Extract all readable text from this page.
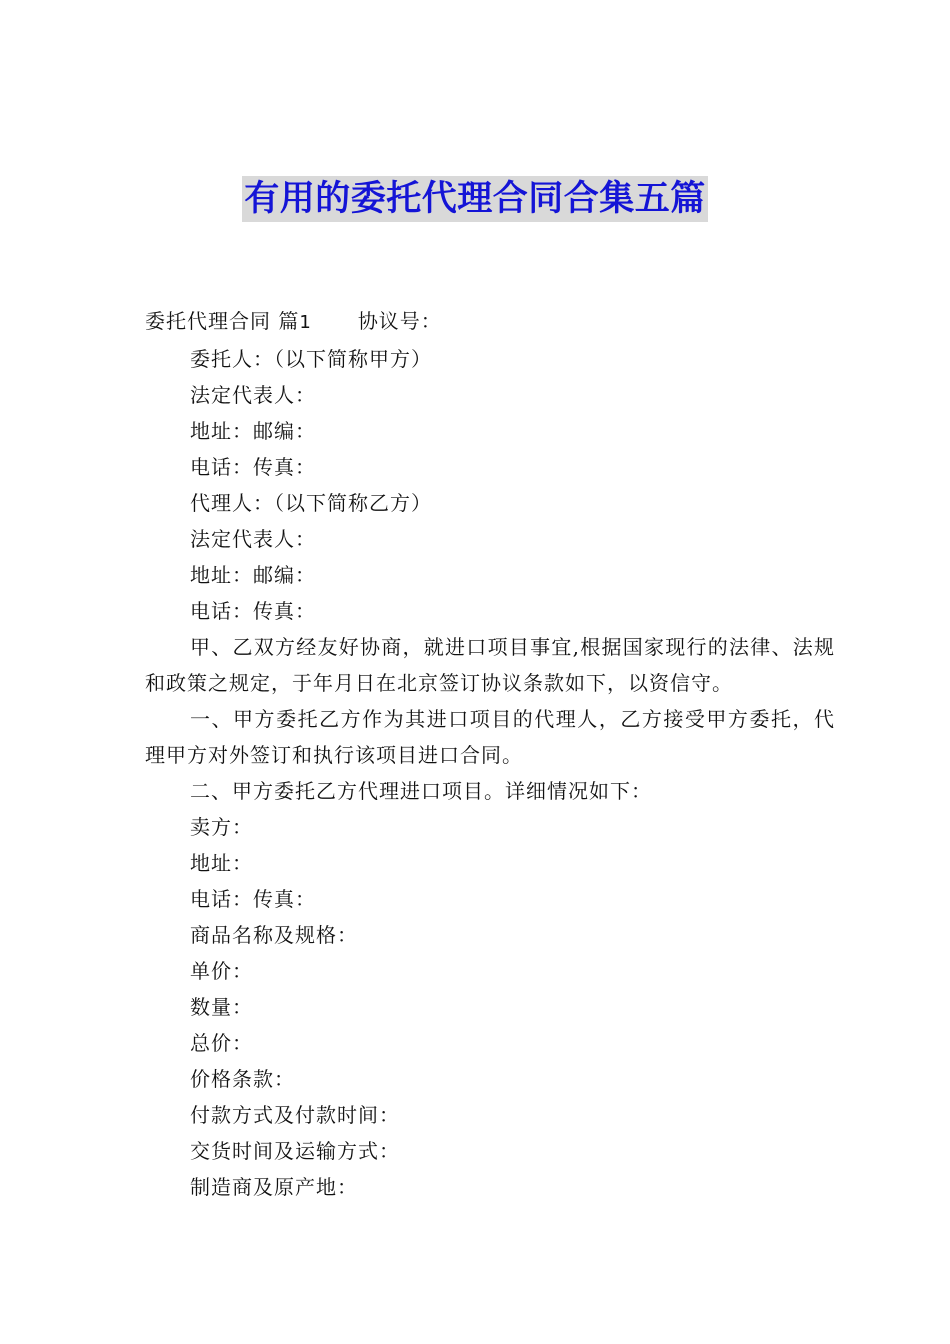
有用的委托代理合同合集五篇

委托代理合同 篇1 协议号：

委托人：（以下简称甲方）

法定代表人：

地址：邮编：

电话：传真：

代理人：（以下简称乙方）

法定代表人：

地址：邮编：

电话：传真：

甲、乙双方经友好协商，就进口项目事宜,根据国家现行的法律、法规和政策之规定，于年月日在北京签订协议条款如下，以资信守。

一、甲方委托乙方作为其进口项目的代理人，乙方接受甲方委托，代理甲方对外签订和执行该项目进口合同。

二、甲方委托乙方代理进口项目。详细情况如下：

卖方：

地址：

电话：传真：

商品名称及规格：

单价：

数量：

总价：

价格条款：

付款方式及付款时间：

交货时间及运输方式：

制造商及原产地：
